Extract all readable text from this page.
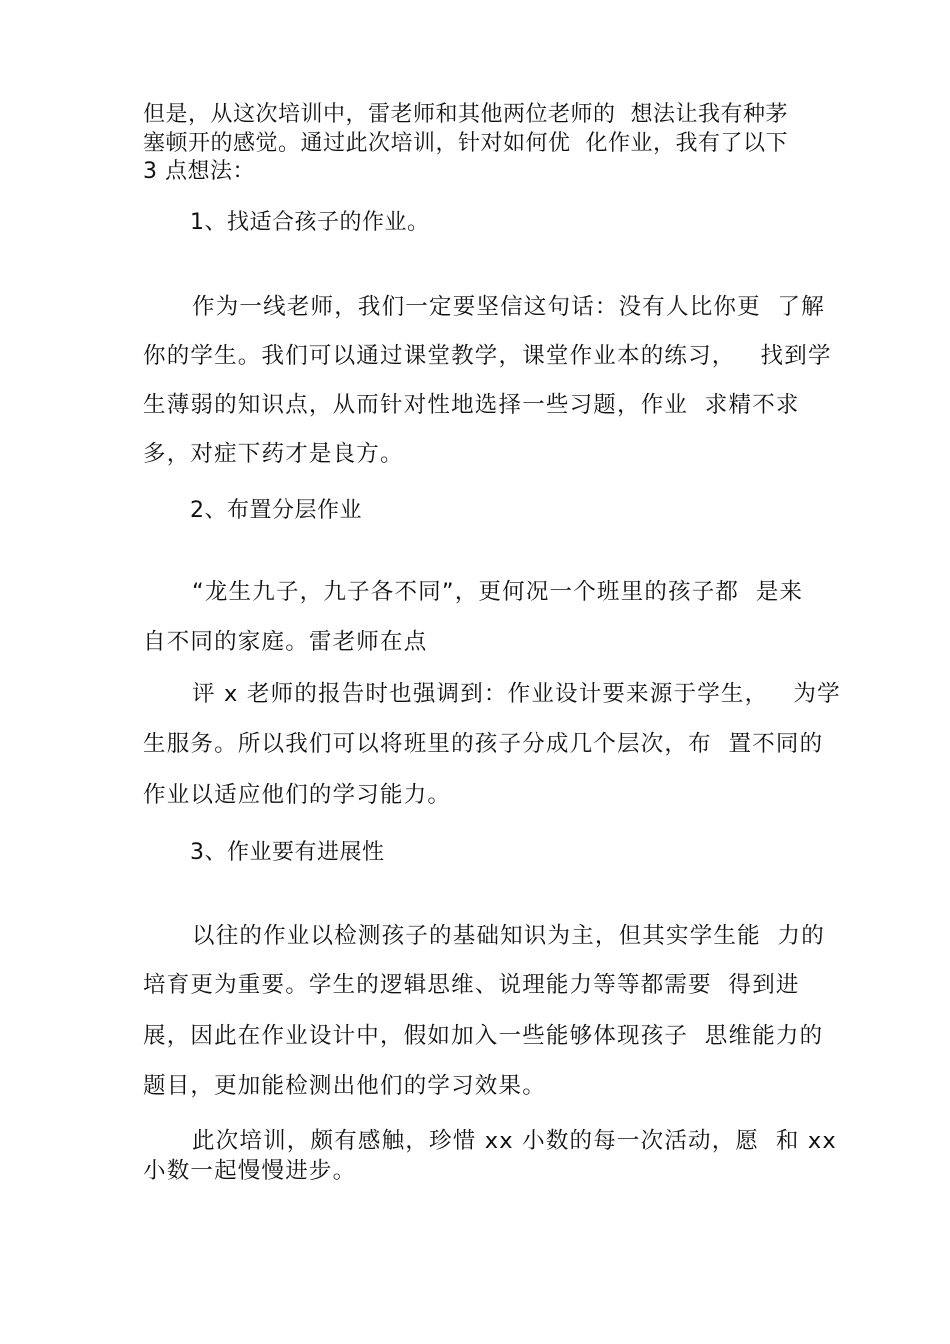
但是，从这次培训中，雷老师和其他两位老师的  想法让我有种茅
塞顿开的感觉。通过此次培训，针对如何优  化作业，我有了以下
3 点想法：
1、找适合孩子的作业。
作为一线老师，我们一定要坚信这句话：没有人比你更  了解
你的学生。我们可以通过课堂教学，课堂作业本的练习，   找到学
生薄弱的知识点，从而针对性地选择一些习题，作业  求精不求
多，对症下药才是良方。
2、布置分层作业
“龙生九子，九子各不同”，更何况一个班里的孩子都  是来
自不同的家庭。雷老师在点
评 x 老师的报告时也强调到：作业设计要来源于学生，   为学
生服务。所以我们可以将班里的孩子分成几个层次，布  置不同的
作业以适应他们的学习能力。
3、作业要有进展性
以往的作业以检测孩子的基础知识为主，但其实学生能  力的
培育更为重要。学生的逻辑思维、说理能力等等都需要  得到进
展，因此在作业设计中，假如加入一些能够体现孩子  思维能力的
题目，更加能检测出他们的学习效果。
此次培训，颇有感触，珍惜 xx 小数的每一次活动，愿  和 xx
小数一起慢慢进步。
